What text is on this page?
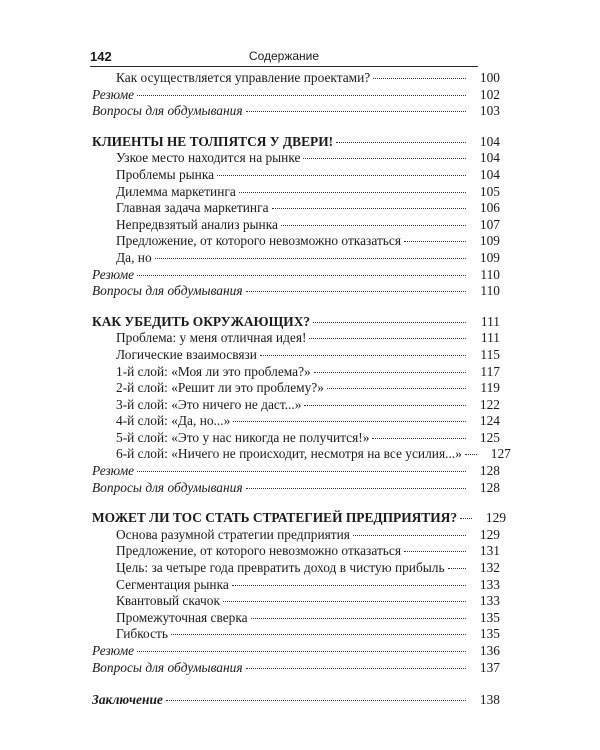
142	Содержание
Как осуществляется управление проектами?	100
Резюме	102
Вопросы для обдумывания	103
КЛИЕНТЫ НЕ ТОЛПЯТСЯ У ДВЕРИ!	104
Узкое место находится на рынке	104
Проблемы рынка	104
Дилемма маркетинга	105
Главная задача маркетинга	106
Непредвзятый анализ рынка	107
Предложение, от которого невозможно отказаться	109
Да, но	109
Резюме	110
Вопросы для обдумывания	110
КАК УБЕДИТЬ ОКРУЖАЮЩИХ?	111
Проблема: у меня отличная идея!	111
Логические взаимосвязи	115
1-й слой: «Моя ли это проблема?»	117
2-й слой: «Решит ли это проблему?»	119
3-й слой: «Это ничего не даст...»	122
4-й слой: «Да, но...»	124
5-й слой: «Это у нас никогда не получится!»	125
6-й слой: «Ничего не происходит, несмотря на все усилия...»	127
Резюме	128
Вопросы для обдумывания	128
МОЖЕТ ЛИ ТОС СТАТЬ СТРАТЕГИЕЙ ПРЕДПРИЯТИЯ?	129
Основа разумной стратегии предприятия	129
Предложение, от которого невозможно отказаться	131
Цель: за четыре года превратить доход в чистую прибыль	132
Сегментация рынка	133
Квантовый скачок	133
Промежуточная сверка	135
Гибкость	135
Резюме	136
Вопросы для обдумывания	137
Заключение	138
